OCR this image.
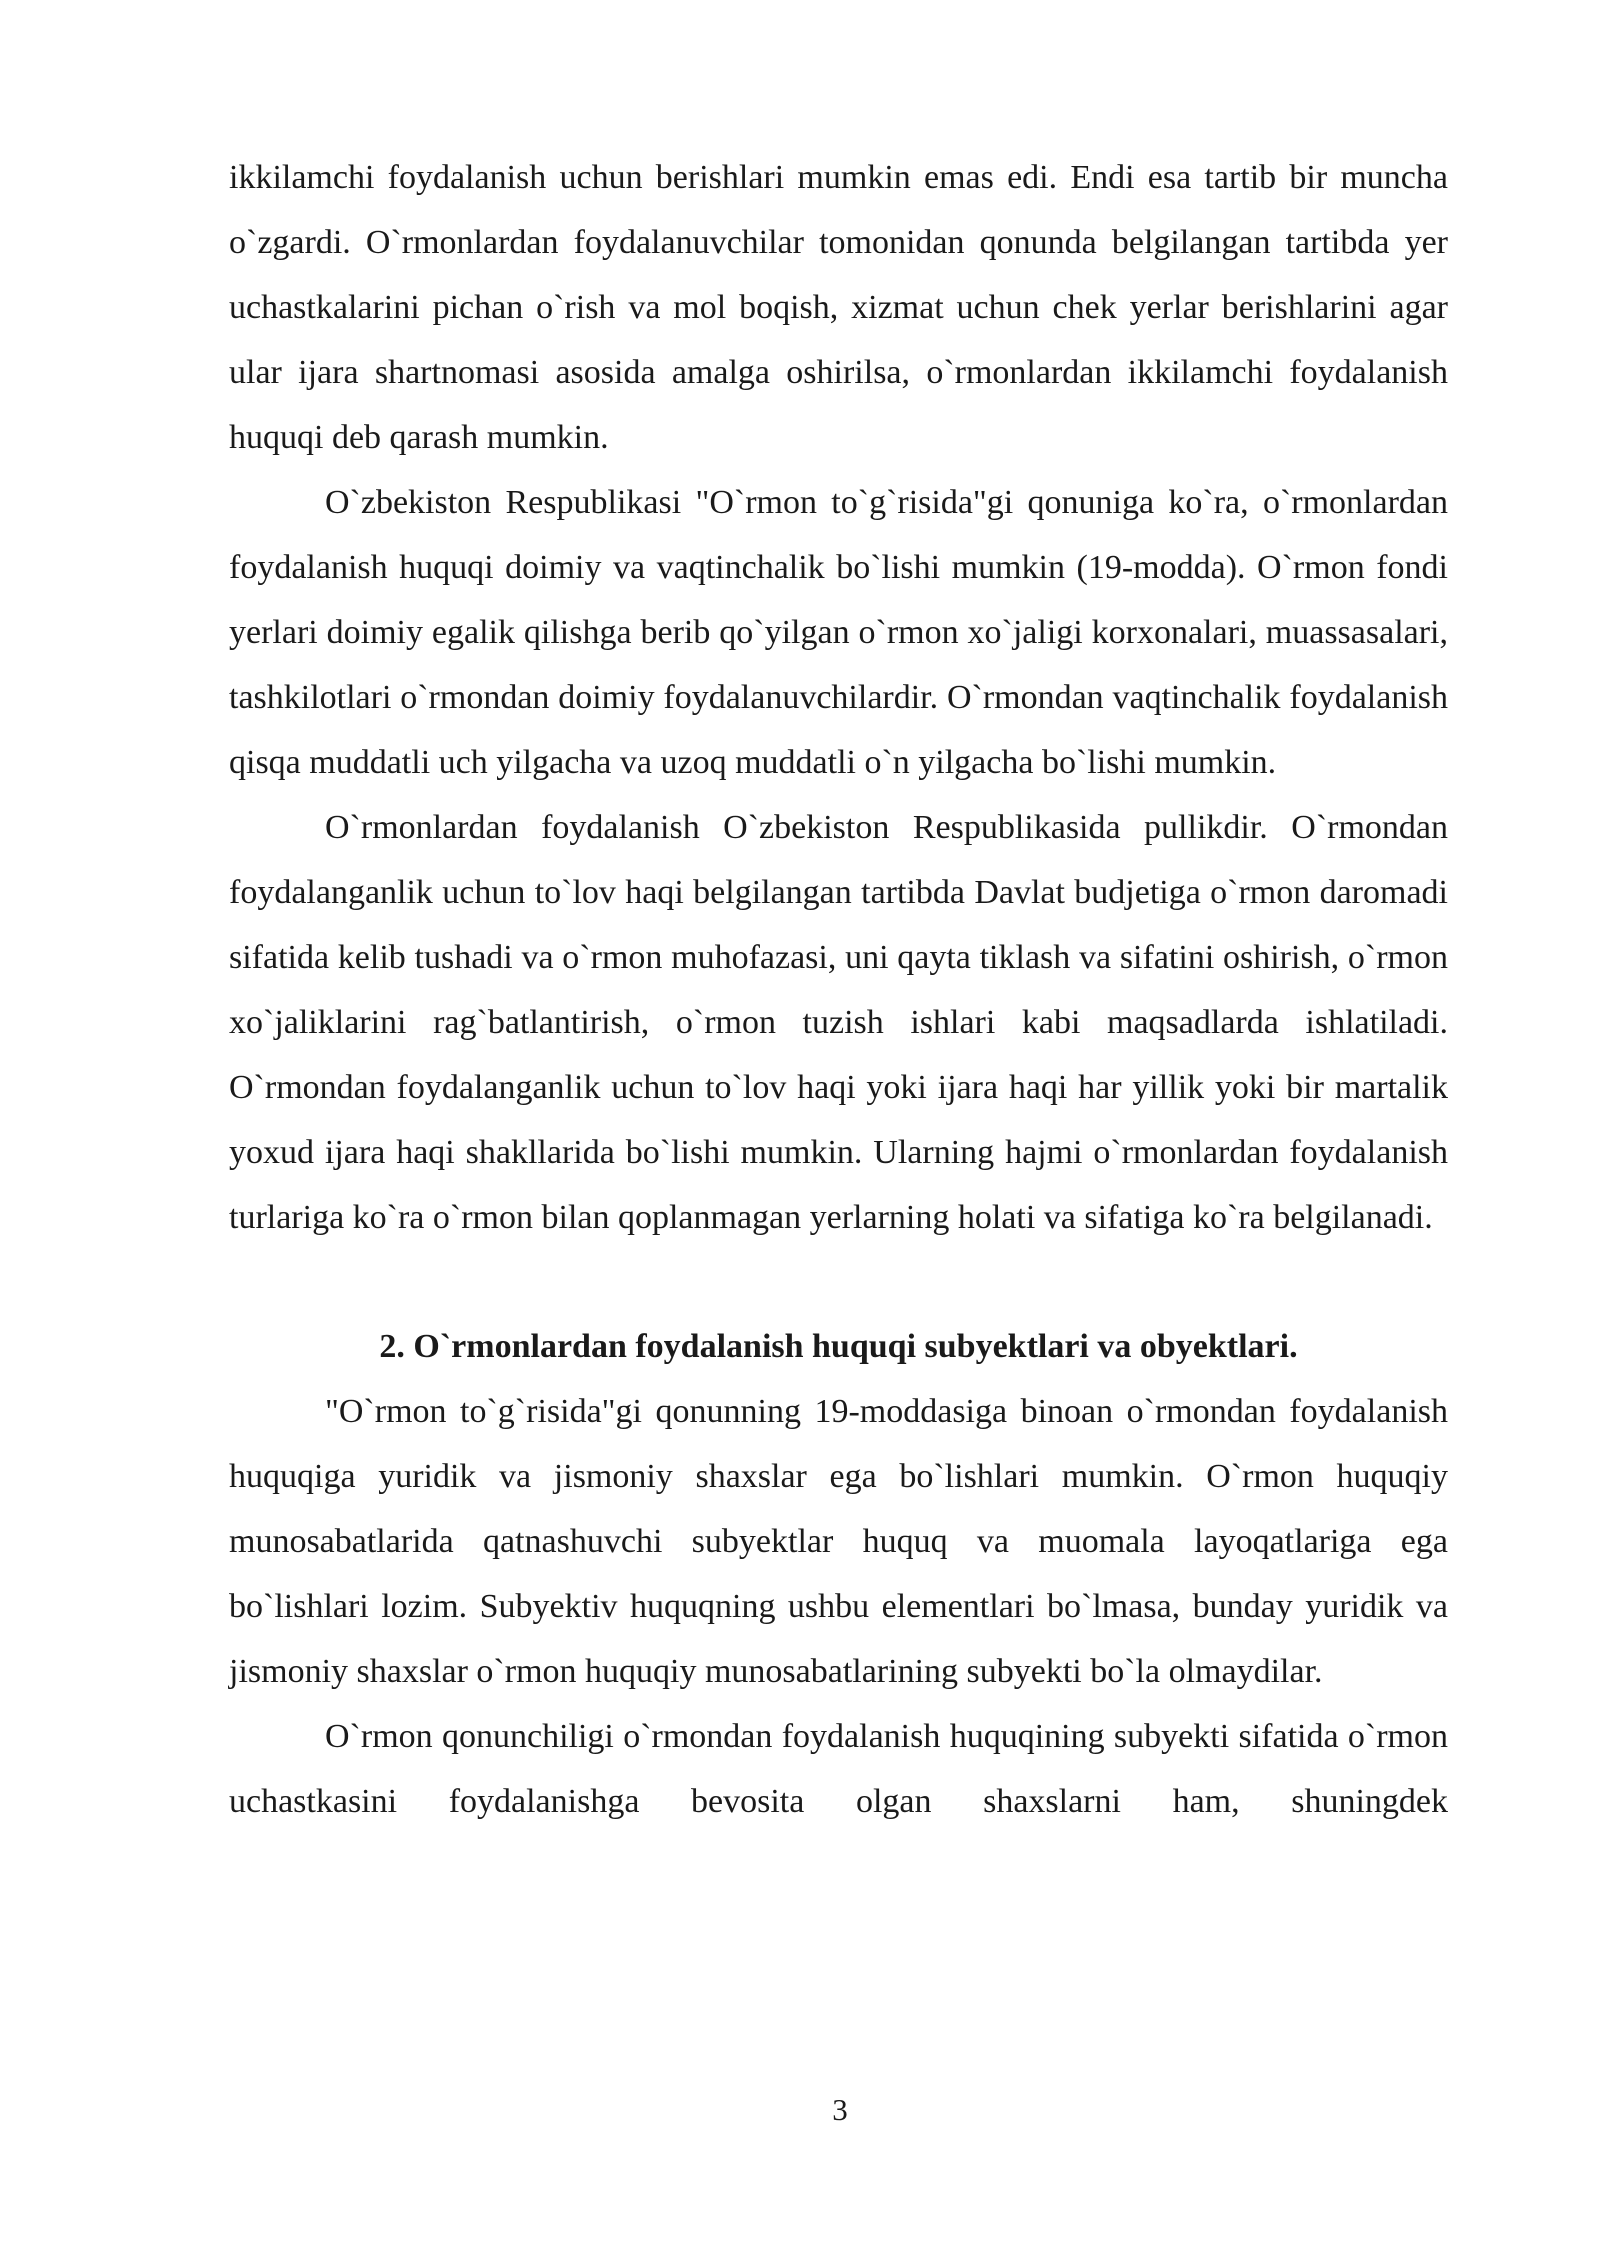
ikkilamchi foydalanish uchun berishlari mumkin emas edi. Endi esa tartib bir muncha o`zgardi. O`rmonlardan foydalanuvchilar tomonidan qonunda belgilangan tartibda yer uchastkalarini pichan o`rish va mol boqish, xizmat uchun chek yerlar berishlarini agar ular ijara shartnomasi asosida amalga oshirilsa, o`rmonlardan ikkilamchi foydalanish huquqi deb qarash mumkin.

O`zbekiston Respublikasi "O`rmon to`g`risida"gi qonuniga ko`ra, o`rmonlardan foydalanish huquqi doimiy va vaqtinchalik bo`lishi mumkin (19-modda). O`rmon fondi yerlari doimiy egalik qilishga berib qo`yilgan o`rmon xo`jaligi korxonalari, muassasalari, tashkilotlari o`rmondan doimiy foydalanuvchilardir. O`rmondan vaqtinchalik foydalanish qisqa muddatli uch yilgacha va uzoq muddatli o`n yilgacha bo`lishi mumkin.

O`rmonlardan foydalanish O`zbekiston Respublikasida pullikdir. O`rmondan foydalanganlik uchun to`lov haqi belgilangan tartibda Davlat budjetiga o`rmon daromadi sifatida kelib tushadi va o`rmon muhofazasi, uni qayta tiklash va sifatini oshirish, o`rmon xo`jaliklarini rag`batlantirish, o`rmon tuzish ishlari kabi maqsadlarda ishlatiladi. O`rmondan foydalanganlik uchun to`lov haqi yoki ijara haqi har yillik yoki bir martalik yoxud ijara haqi shakllarida bo`lishi mumkin. Ularning hajmi o`rmonlardan foydalanish turlariga ko`ra o`rmon bilan qoplanmagan yerlarning holati va sifatiga ko`ra belgilanadi.

2. O`rmonlardan foydalanish huquqi subyektlari va obyektlari.

"O`rmon to`g`risida"gi qonunning 19-moddasiga binoan o`rmondan foydalanish huquqiga yuridik va jismoniy shaxslar ega bo`lishlari mumkin. O`rmon huquqiy munosabatlarida qatnashuvchi subyektlar huquq va muomala layoqatlariga ega bo`lishlari lozim. Subyektiv huquqning ushbu elementlari bo`lmasa, bunday yuridik va jismoniy shaxslar o`rmon huquqiy munosabatlarining subyekti bo`la olmaydilar.

O`rmon qonunchiligi o`rmondan foydalanish huquqining subyekti sifatida o`rmon uchastkasini foydalanishga bevosita olgan shaxslarni ham, shuningdek

3
